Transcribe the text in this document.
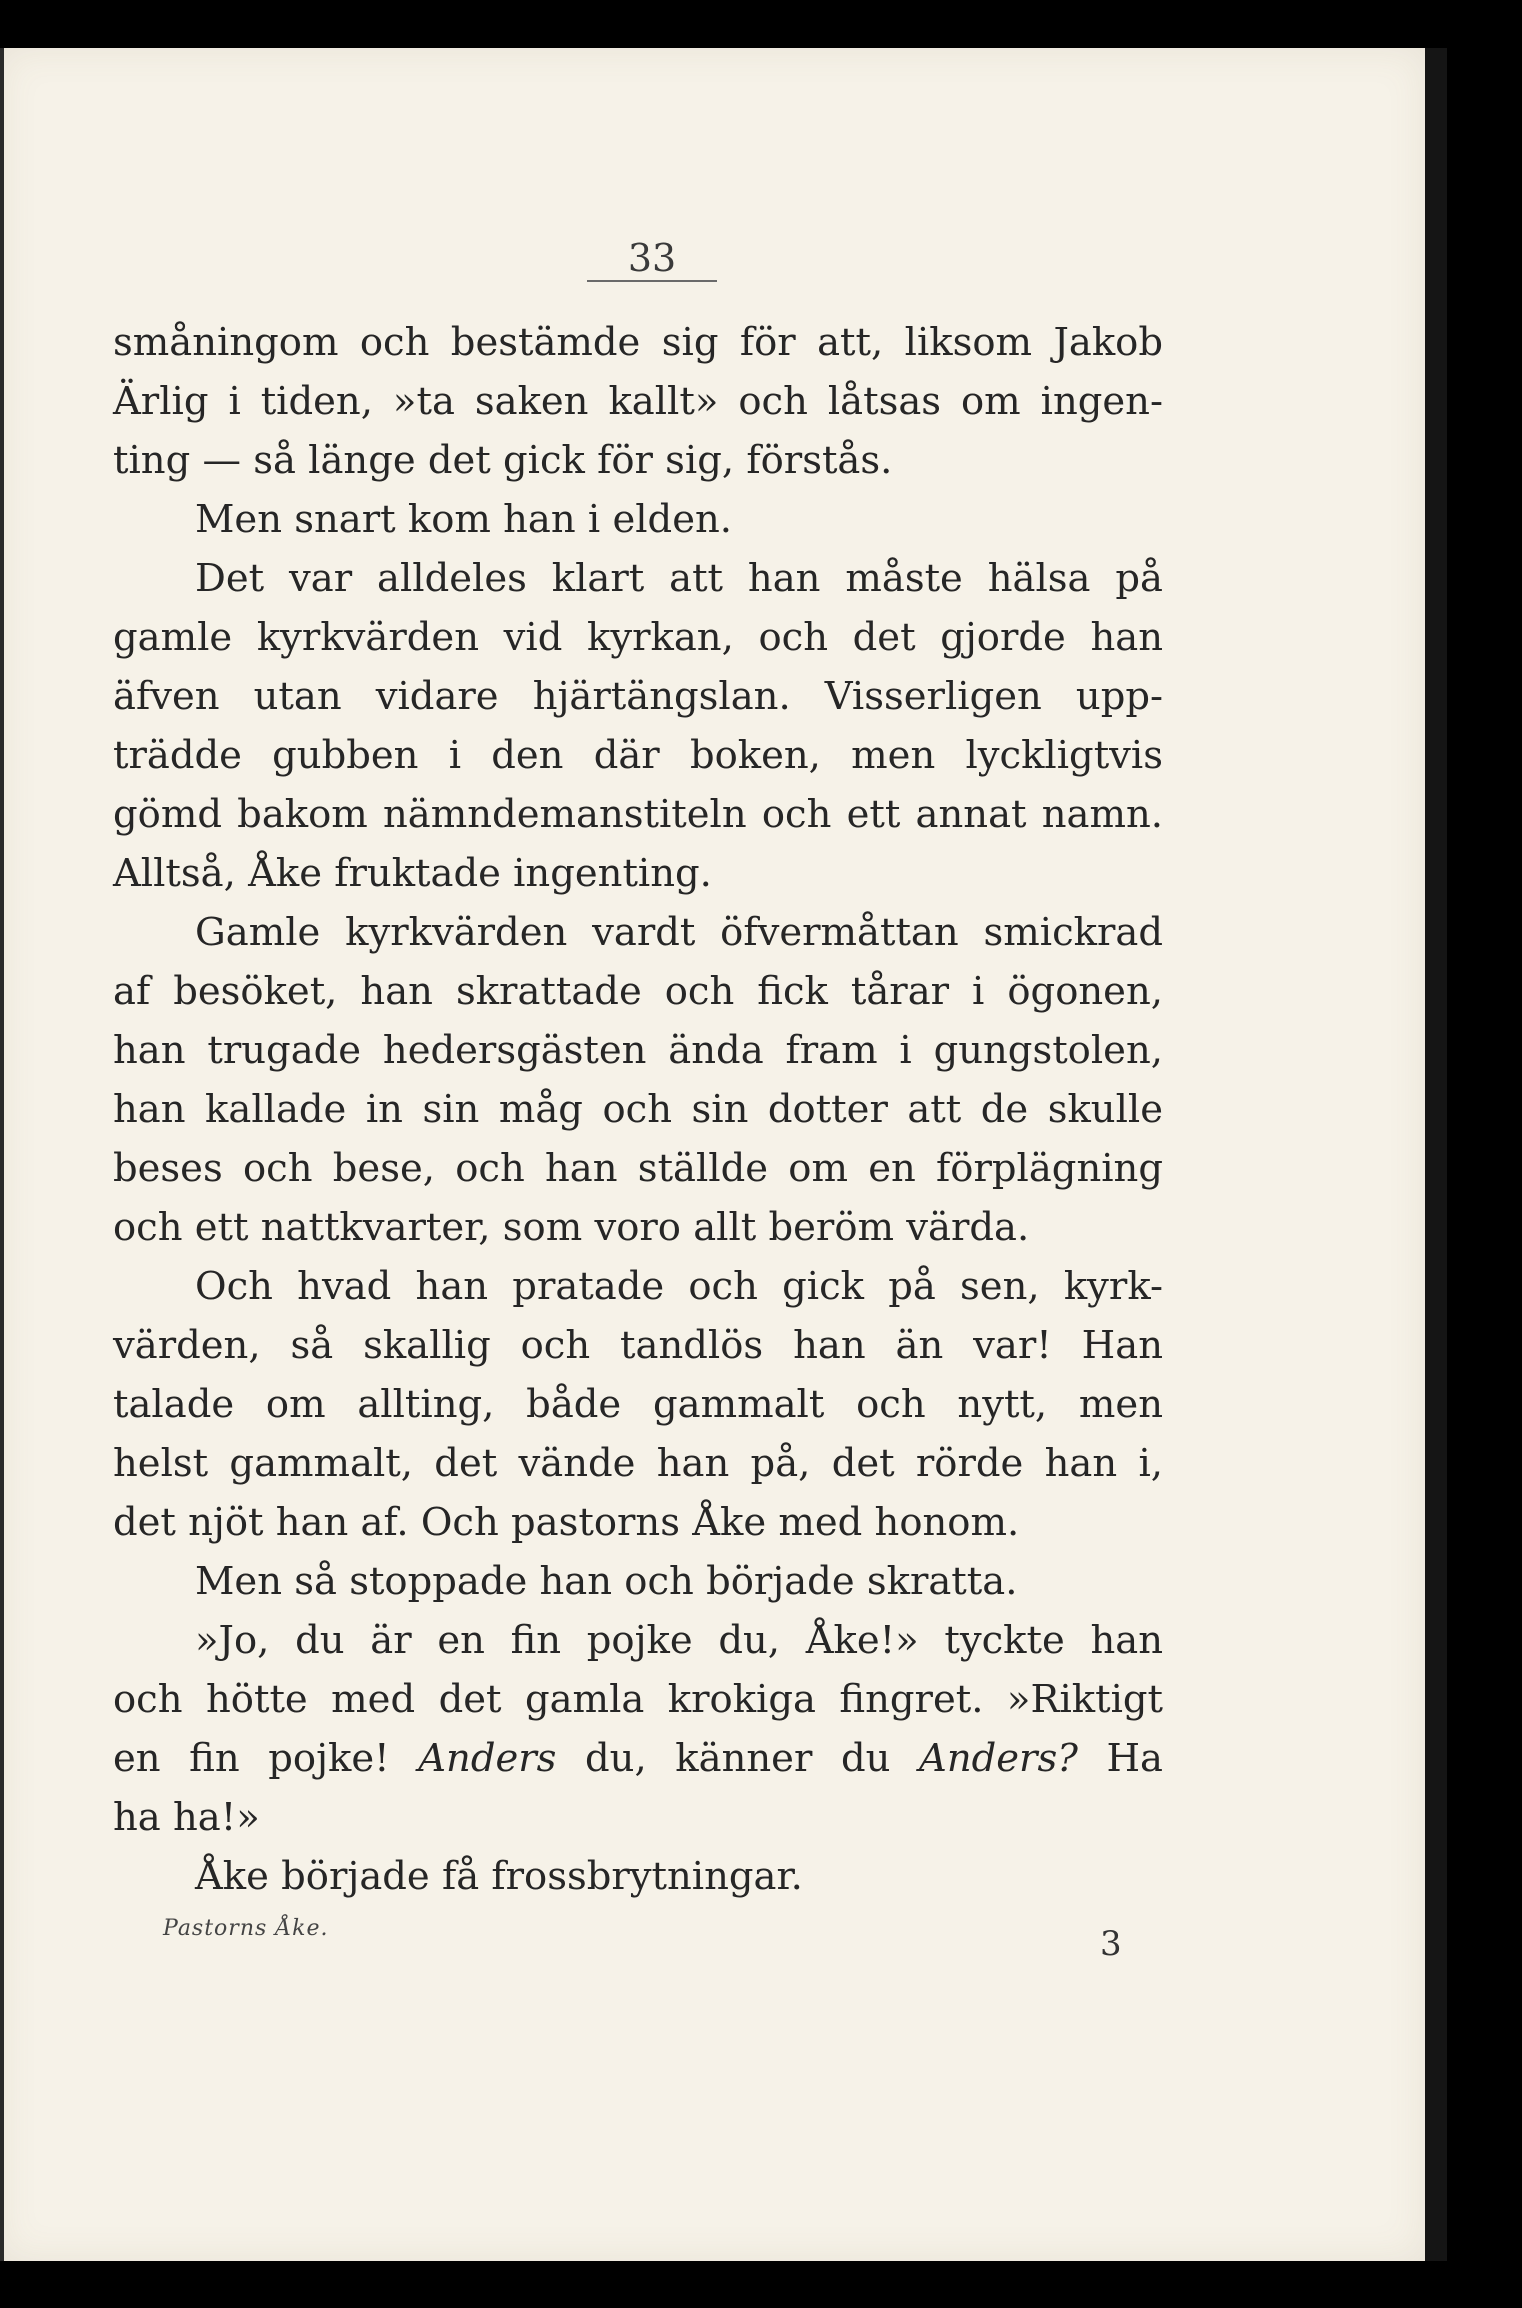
33
småningom och bestämde sig för att, liksom Jakob
Ärlig i tiden, »ta saken kallt» och låtsas om ingen-
ting — så länge det gick för sig, förstås.
Men snart kom han i elden.
Det var alldeles klart att han måste hälsa på
gamle kyrkvärden vid kyrkan, och det gjorde han
äfven utan vidare hjärtängslan. Visserligen upp-
trädde gubben i den där boken, men lyckligtvis
gömd bakom nämndemanstiteln och ett annat namn.
Alltså, Åke fruktade ingenting.
Gamle kyrkvärden vardt öfvermåttan smickrad
af besöket, han skrattade och fick tårar i ögonen,
han trugade hedersgästen ända fram i gungstolen,
han kallade in sin måg och sin dotter att de skulle
beses och bese, och han ställde om en förplägning
och ett nattkvarter, som voro allt beröm värda.
Och hvad han pratade och gick på sen, kyrk-
värden, så skallig och tandlös han än var! Han
talade om allting, både gammalt och nytt, men
helst gammalt, det vände han på, det rörde han i,
det njöt han af. Och pastorns Åke med honom.
Men så stoppade han och började skratta.
»Jo, du är en fin pojke du, Åke!» tyckte han
och hötte med det gamla krokiga fingret. »Riktigt
en fin pojke! Anders du, känner du Anders? Ha
ha ha!»
Åke började få frossbrytningar.
Pastorns Åke.	3
